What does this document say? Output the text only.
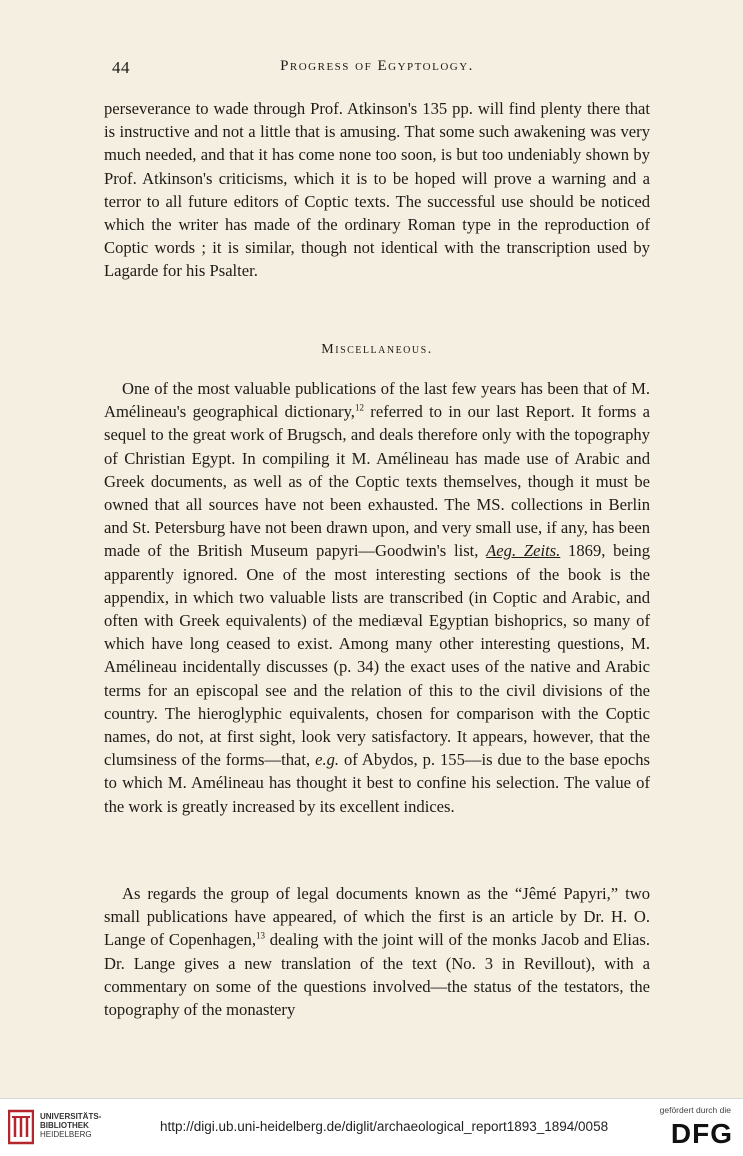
44	Progress of Egyptology.

perseverance to wade through Prof. Atkinson's 135 pp. will find plenty there that is instructive and not a little that is amusing. That some such awakening was very much needed, and that it has come none too soon, is but too undeniably shown by Prof. Atkinson's criticisms, which it is to be hoped will prove a warning and a terror to all future editors of Coptic texts. The successful use should be noticed which the writer has made of the ordinary Roman type in the reproduction of Coptic words ; it is similar, though not identical with the transcription used by Lagarde for his Psalter.

Miscellaneous.

One of the most valuable publications of the last few years has been that of M. Amélineau's geographical dictionary,$^{12}$ referred to in our last Report. It forms a sequel to the great work of Brugsch, and deals therefore only with the topography of Christian Egypt. In compiling it M. Amélineau has made use of Arabic and Greek documents, as well as of the Coptic texts themselves, though it must be owned that all sources have not been exhausted. The MS. collections in Berlin and St. Petersburg have not been drawn upon, and very small use, if any, has been made of the British Museum papyri—Goodwin's list, Aeg. Zeits. 1869, being apparently ignored. One of the most interesting sections of the book is the appendix, in which two valuable lists are transcribed (in Coptic and Arabic, and often with Greek equivalents) of the mediæval Egyptian bishoprics, so many of which have long ceased to exist. Among many other interesting questions, M. Amélineau incidentally discusses (p. 34) the exact uses of the native and Arabic terms for an episcopal see and the relation of this to the civil divisions of the country. The hieroglyphic equivalents, chosen for comparison with the Coptic names, do not, at first sight, look very satisfactory. It appears, however, that the clumsiness of the forms—that, e.g. of Abydos, p. 155—is due to the base epochs to which M. Amélineau has thought it best to confine his selection. The value of the work is greatly increased by its excellent indices.

As regards the group of legal documents known as the “Jêmé Papyri,” two small publications have appeared, of which the first is an article by Dr. H. O. Lange of Copenhagen,$^{13}$ dealing with the joint will of the monks Jacob and Elias. Dr. Lange gives a new translation of the text (No. 3 in Revillout), with a commentary on some of the questions involved—the status of the testators, the topography of the monastery

UNIVERSITÄTS-
BIBLIOTHEK
HEIDELBERG
http://digi.ub.uni-heidelberg.de/diglit/archaeological_report1893_1894/0058
gefördert durch die
DFG
